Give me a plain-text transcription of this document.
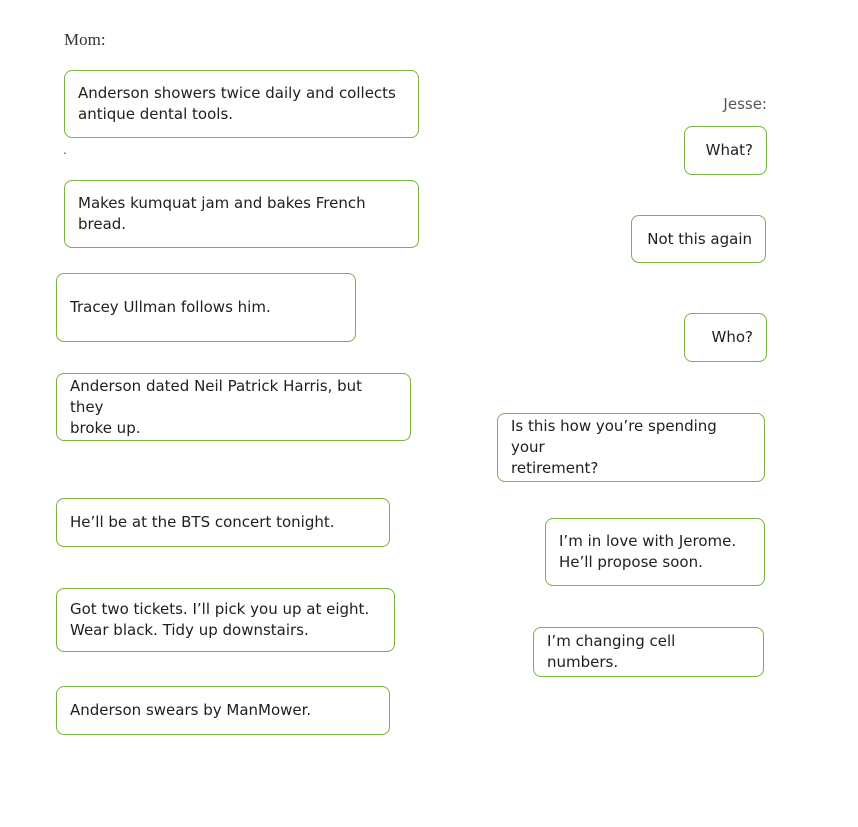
Mom:
Jesse:
.
Anderson showers twice daily and collects
antique dental tools.
Makes kumquat jam and bakes French
bread.
Tracey Ullman follows him.
Anderson dated Neil Patrick Harris, but they
broke up.
He’ll be at the BTS concert tonight.
Got two tickets. I’ll pick you up at eight.
Wear black. Tidy up downstairs.
Anderson swears by ManMower.
What?
Not this again
Who?
Is this how you’re spending your
retirement?
I’m in love with Jerome.
He’ll propose soon.
I’m changing cell numbers.
